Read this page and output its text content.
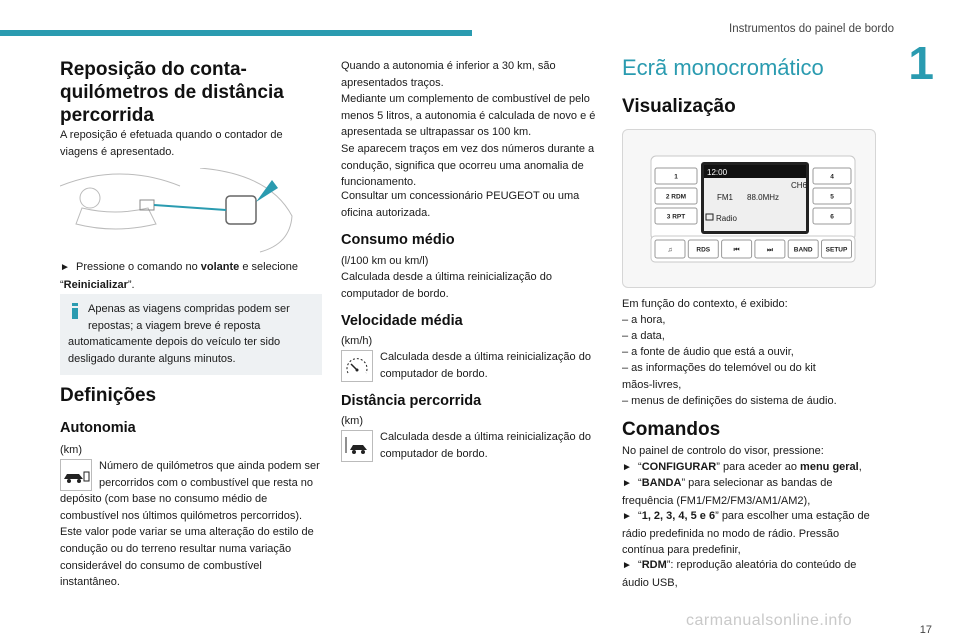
Instrumentos do painel de bordo
1
Reposição do conta-quilómetros de distância percorrida

A reposição é efetuada quando o contador de viagens é apresentado.

► Pressione o comando no volante e selecione “Reinicializar”.

Apenas as viagens compridas podem ser repostas; a viagem breve é reposta automaticamente depois do veículo ter sido desligado durante alguns minutos.

Definições
Autonomia

(km)

Número de quilómetros que ainda podem ser percorridos com o combustível que resta no depósito (com base no consumo médio de combustível nos últimos quilómetros percorridos). Este valor pode variar se uma alteração do estilo de condução ou do terreno resultar numa variação considerável do consumo de combustível instantâneo.

Quando a autonomia é inferior a 30 km, são apresentados traços.

Mediante um complemento de combustível de pelo menos 5 litros, a autonomia é calculada de novo e é apresentada se ultrapassar os 100 km.

Se aparecem traços em vez dos números durante a condução, significa que ocorreu uma anomalia de funcionamento.

Consultar um concessionário PEUGEOT ou uma oficina autorizada.

Consumo médio

(l/100 km ou km/l)

Calculada desde a última reinicialização do computador de bordo.

Velocidade média

(km/h)

Calculada desde a última reinicialização do computador de bordo.

Distância percorrida

(km)

Calculada desde a última reinicialização do computador de bordo.

Ecrã monocromático
Visualização
1
2 RDM
3 RPT
4
5
6
12:00
CH6
FM1 88.0MHz
Radio
♫	RDS	⏮	⏭	BAND SETUP

Em função do contexto, é exibido:

– a hora,

– a data,

– a fonte de áudio que está a ouvir,

– as informações do telemóvel ou do kit mãos-livres,

– menus de definições do sistema de áudio.

Comandos

No painel de controlo do visor, pressione:

► “CONFIGURAR” para aceder ao menu geral,

► “BANDA” para selecionar as bandas de frequência (FM1/FM2/FM3/AM1/AM2),

► “1, 2, 3, 4, 5 e 6” para escolher uma estação de rádio predefinida no modo de rádio. Pressão contínua para predefinir,

► “RDM”: reprodução aleatória do conteúdo de áudio USB,

carmanualsonline.info
17
